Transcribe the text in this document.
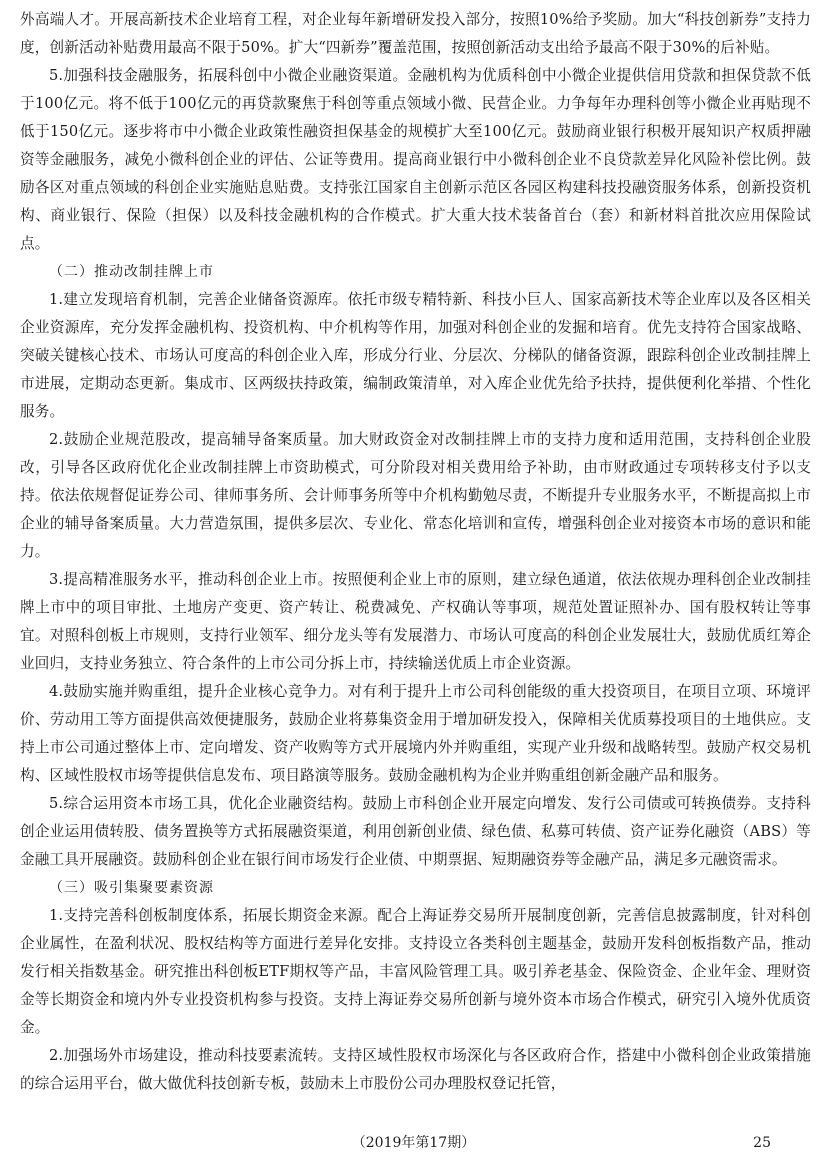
外高端人才。开展高新技术企业培育工程，对企业每年新增研发投入部分，按照10%给予奖励。加大“科技创新券”支持力度，创新活动补贴费用最高不限于50%。扩大“四新券”覆盖范围，按照创新活动支出给予最高不限于30%的后补贴。

5.加强科技金融服务，拓展科创中小微企业融资渠道。金融机构为优质科创中小微企业提供信用贷款和担保贷款不低于100亿元。将不低于100亿元的再贷款聚焦于科创等重点领域小微、民营企业。力争每年办理科创等小微企业再贴现不低于150亿元。逐步将市中小微企业政策性融资担保基金的规模扩大至100亿元。鼓励商业银行积极开展知识产权质押融资等金融服务，减免小微科创企业的评估、公证等费用。提高商业银行中小微科创企业不良贷款差异化风险补偿比例。鼓励各区对重点领域的科创企业实施贴息贴费。支持张江国家自主创新示范区各园区构建科技投融资服务体系，创新投资机构、商业银行、保险（担保）以及科技金融机构的合作模式。扩大重大技术装备首台（套）和新材料首批次应用保险试点。

（二）推动改制挂牌上市

1.建立发现培育机制，完善企业储备资源库。依托市级专精特新、科技小巨人、国家高新技术等企业库以及各区相关企业资源库，充分发挥金融机构、投资机构、中介机构等作用，加强对科创企业的发掘和培育。优先支持符合国家战略、突破关键核心技术、市场认可度高的科创企业入库，形成分行业、分层次、分梯队的储备资源，跟踪科创企业改制挂牌上市进展，定期动态更新。集成市、区两级扶持政策，编制政策清单，对入库企业优先给予扶持，提供便利化举措、个性化服务。

2.鼓励企业规范股改，提高辅导备案质量。加大财政资金对改制挂牌上市的支持力度和适用范围，支持科创企业股改，引导各区政府优化企业改制挂牌上市资助模式，可分阶段对相关费用给予补助，由市财政通过专项转移支付予以支持。依法依规督促证券公司、律师事务所、会计师事务所等中介机构勤勉尽责，不断提升专业服务水平，不断提高拟上市企业的辅导备案质量。大力营造氛围，提供多层次、专业化、常态化培训和宣传，增强科创企业对接资本市场的意识和能力。

3.提高精准服务水平，推动科创企业上市。按照便利企业上市的原则，建立绿色通道，依法依规办理科创企业改制挂牌上市中的项目审批、土地房产变更、资产转让、税费减免、产权确认等事项，规范处置证照补办、国有股权转让等事宜。对照科创板上市规则，支持行业领军、细分龙头等有发展潜力、市场认可度高的科创企业发展壮大，鼓励优质红筹企业回归，支持业务独立、符合条件的上市公司分拆上市，持续输送优质上市企业资源。

4.鼓励实施并购重组，提升企业核心竞争力。对有利于提升上市公司科创能级的重大投资项目，在项目立项、环境评价、劳动用工等方面提供高效便捷服务，鼓励企业将募集资金用于增加研发投入，保障相关优质募投项目的土地供应。支持上市公司通过整体上市、定向增发、资产收购等方式开展境内外并购重组，实现产业升级和战略转型。鼓励产权交易机构、区域性股权市场等提供信息发布、项目路演等服务。鼓励金融机构为企业并购重组创新金融产品和服务。

5.综合运用资本市场工具，优化企业融资结构。鼓励上市科创企业开展定向增发、发行公司债或可转换债券。支持科创企业运用债转股、债务置换等方式拓展融资渠道，利用创新创业债、绿色债、私募可转债、资产证券化融资（ABS）等金融工具开展融资。鼓励科创企业在银行间市场发行企业债、中期票据、短期融资券等金融产品，满足多元融资需求。

（三）吸引集聚要素资源

1.支持完善科创板制度体系，拓展长期资金来源。配合上海证券交易所开展制度创新，完善信息披露制度，针对科创企业属性，在盈利状况、股权结构等方面进行差异化安排。支持设立各类科创主题基金，鼓励开发科创板指数产品，推动发行相关指数基金。研究推出科创板ETF期权等产品，丰富风险管理工具。吸引养老基金、保险资金、企业年金、理财资金等长期资金和境内外专业投资机构参与投资。支持上海证券交易所创新与境外资本市场合作模式，研究引入境外优质资金。

2.加强场外市场建设，推动科技要素流转。支持区域性股权市场深化与各区政府合作，搭建中小微科创企业政策措施的综合运用平台，做大做优科技创新专板，鼓励未上市股份公司办理股权登记托管，

（2019年第17期）	25
